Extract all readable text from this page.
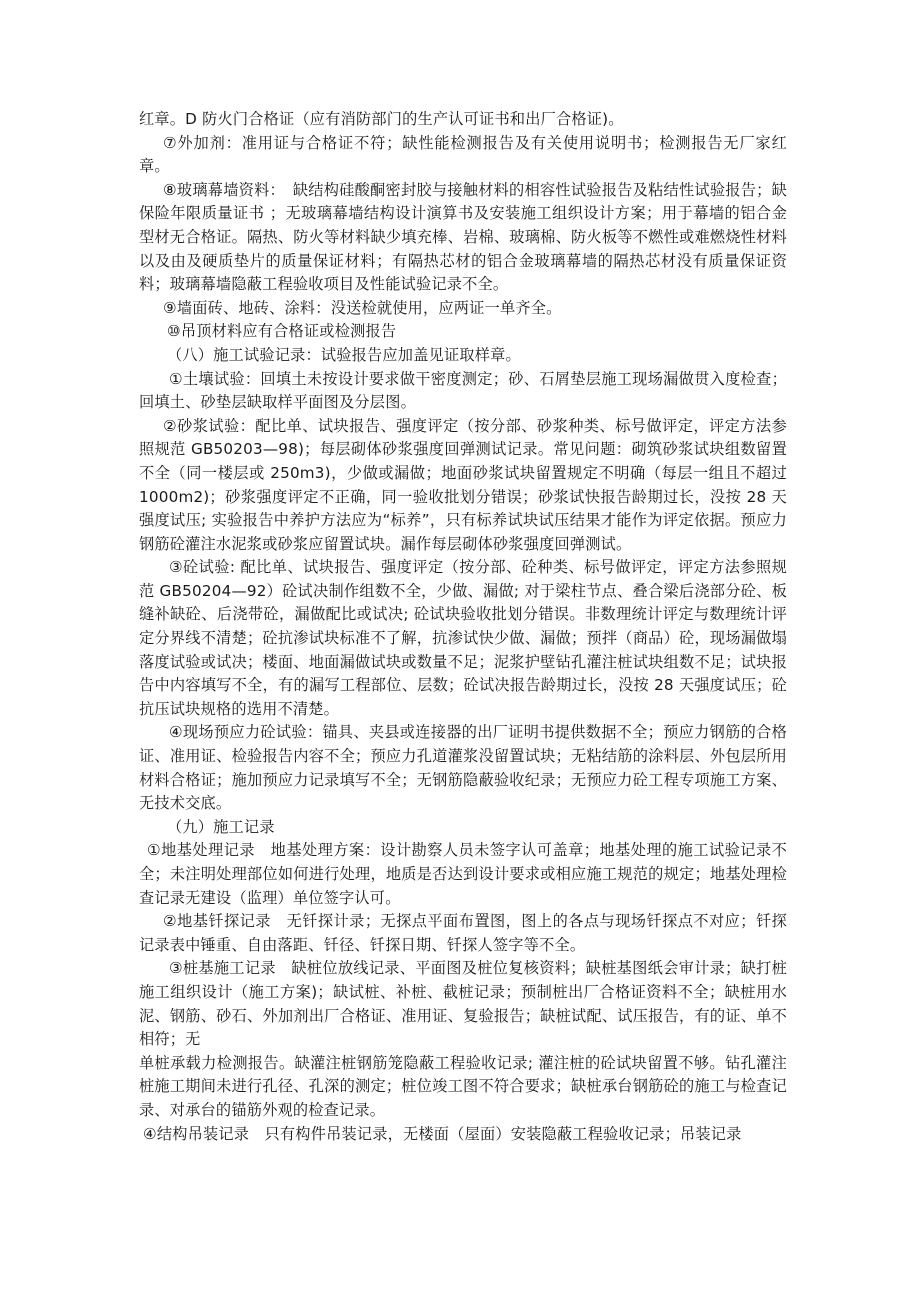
红章。D 防火门合格证（应有消防部门的生产认可证书和出厂合格证)。

⑦外加剂：准用证与合格证不符；缺性能检测报告及有关使用说明书；检测报告无厂家红章。

⑧玻璃幕墙资料：　缺结构硅酸酮密封胶与接触材料的相容性试验报告及粘结性试验报告；缺保险年限质量证书 ；无玻璃幕墙结构设计演算书及安装施工组织设计方案；用于幕墙的铝合金型材无合格证。隔热、防火等材料缺少填充棒、岩棉、玻璃棉、防火板等不燃性或难燃烧性材料以及由及硬质垫片的质量保证材料；有隔热芯材的铝合金玻璃幕墙的隔热芯材没有质量保证资料；玻璃幕墙隐蔽工程验收项目及性能试验记录不全。

⑨墙面砖、地砖、涂料：没送检就使用，应两证一单齐全。

⑩吊顶材料应有合格证或检测报告

（八）施工试验记录：试验报告应加盖见证取样章。

①土壤试验：回填土未按设计要求做干密度测定；砂、石屑垫层施工现场漏做贯入度检查；回填土、砂垫层缺取样平面图及分层图。

②砂浆试验：配比单、试块报告、强度评定（按分部、砂浆种类、标号做评定，评定方法参照规范 GB50203—98)；每层砌体砂浆强度回弹测试记录。常见问题：砌筑砂浆试块组数留置不全（同一楼层或 250m3)，少做或漏做；地面砂浆试块留置规定不明确（每层一组且不超过 1000m2)；砂浆强度评定不正确，同一验收批划分错误；砂浆试快报告龄期过长，没按 28 天强度试压; 实验报告中养护方法应为“标养”，只有标养试块试压结果才能作为评定依据。预应力钢筋砼灌注水泥浆或砂浆应留置试块。漏作每层砌体砂浆强度回弹测试。

③砼试验: 配比单、试块报告、强度评定（按分部、砼种类、标号做评定，评定方法参照规范 GB50204—92）砼试决制作组数不全，少做、漏做; 对于梁柱节点、叠合梁后浇部分砼、板缝补缺砼、后浇带砼，漏做配比或试决; 砼试块验收批划分错误。非数理统计评定与数理统计评定分界线不清楚；砼抗渗试块标准不了解，抗渗试快少做、漏做；预拌（商品）砼，现场漏做塌落度试验或试决；楼面、地面漏做试块或数量不足；泥浆护壁钻孔灌注桩试块组数不足；试块报告中内容填写不全，有的漏写工程部位、层数；砼试决报告龄期过长，没按 28 天强度试压；砼抗压试块规格的选用不清楚。

④现场预应力砼试验：锚具、夹县或连接器的出厂证明书提供数据不全；预应力钢筋的合格证、准用证、检验报告内容不全；预应力孔道灌浆没留置试块；无粘结筋的涂料层、外包层所用材料合格证；施加预应力记录填写不全；无钢筋隐蔽验收纪录；无预应力砼工程专项施工方案、无技术交底。

（九）施工记录

①地基处理记录　地基处理方案：设计勘察人员未签字认可盖章；地基处理的施工试验记录不全；未注明处理部位如何进行处理，地质是否达到设计要求或相应施工规范的规定；地基处理检查记录无建设（监理）单位签字认可。

②地基钎探记录　无钎探计录；无探点平面布置图，图上的各点与现场钎探点不对应；钎探记录表中锤重、自由落距、钎径、钎探日期、钎探人签字等不全。

③桩基施工记录　缺桩位放线记录、平面图及桩位复核资料；缺桩基图纸会审计录；缺打桩施工组织设计（施工方案)；缺试桩、补桩、截桩记录；预制桩出厂合格证资料不全；缺桩用水泥、钢筋、砂石、外加剂出厂合格证、准用证、复验报告；缺桩试配、试压报告，有的证、单不相符；无

单桩承载力检测报告。缺灌注桩钢筋笼隐蔽工程验收记录; 灌注桩的砼试块留置不够。钻孔灌注桩施工期间未进行孔径、孔深的测定；桩位竣工图不符合要求；缺桩承台钢筋砼的施工与检查记录、对承台的锚筋外观的检查记录。

④结构吊装记录　只有构件吊装记录，无楼面（屋面）安装隐蔽工程验收记录；吊装记录
